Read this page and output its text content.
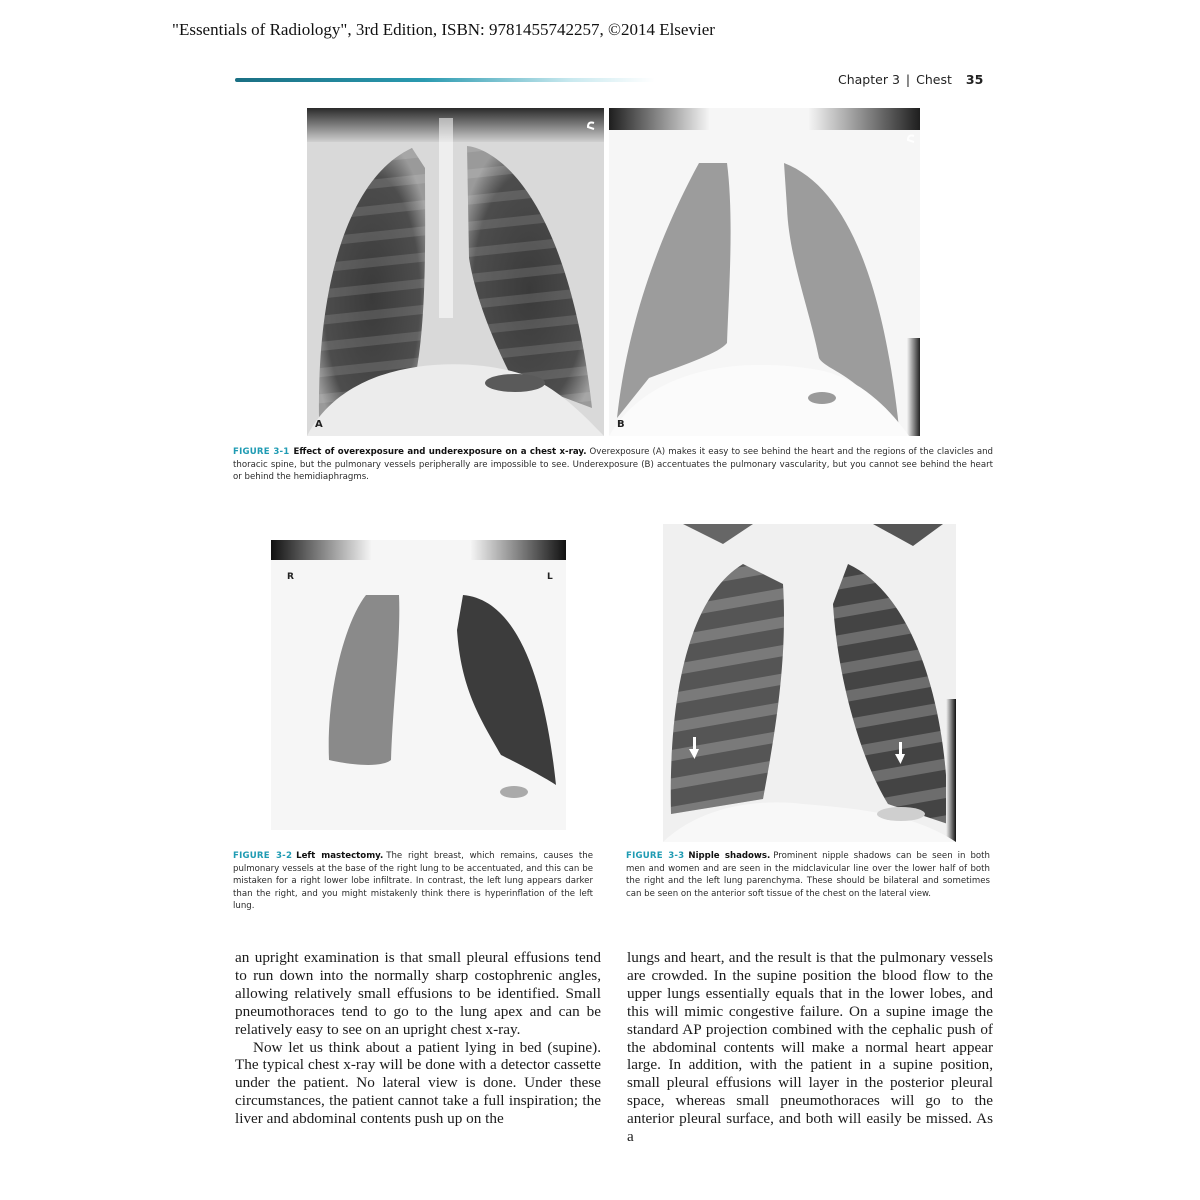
"Essentials of Radiology", 3rd Edition, ISBN: 9781455742257, ©2014 Elsevier
Chapter 3 | Chest 35
A	B
FIGURE 3-1 Effect of overexposure and underexposure on a chest x-ray. Overexposure (A) makes it easy to see behind the heart and the regions of the clavicles and thoracic spine, but the pulmonary vessels peripherally are impossible to see. Underexposure (B) accentuates the pulmonary vascularity, but you cannot see behind the heart or behind the hemidiaphragms.
R	L
FIGURE 3-2 Left mastectomy. The right breast, which remains, causes the pulmonary vessels at the base of the right lung to be accentuated, and this can be mistaken for a right lower lobe infiltrate. In contrast, the left lung appears darker than the right, and you might mistakenly think there is hyperinflation of the left lung.
FIGURE 3-3 Nipple shadows. Prominent nipple shadows can be seen in both men and women and are seen in the midclavicular line over the lower half of both the right and the left lung parenchyma. These should be bilateral and sometimes can be seen on the anterior soft tissue of the chest on the lateral view.

an upright examination is that small pleural effusions tend to run down into the normally sharp costophrenic angles, allowing relatively small effusions to be identified. Small pneumothoraces tend to go to the lung apex and can be relatively easy to see on an upright chest x-ray.

Now let us think about a patient lying in bed (supine). The typical chest x-ray will be done with a detector cassette under the patient. No lateral view is done. Under these circumstances, the patient cannot take a full inspiration; the liver and abdominal contents push up on the

lungs and heart, and the result is that the pulmonary vessels are crowded. In the supine position the blood flow to the upper lungs essentially equals that in the lower lobes, and this will mimic congestive failure. On a supine image the standard AP projection combined with the cephalic push of the abdominal contents will make a normal heart appear large. In addition, with the patient in a supine position, small pleural effusions will layer in the posterior pleural space, whereas small pneumothoraces will go to the anterior pleural surface, and both will easily be missed. As a
